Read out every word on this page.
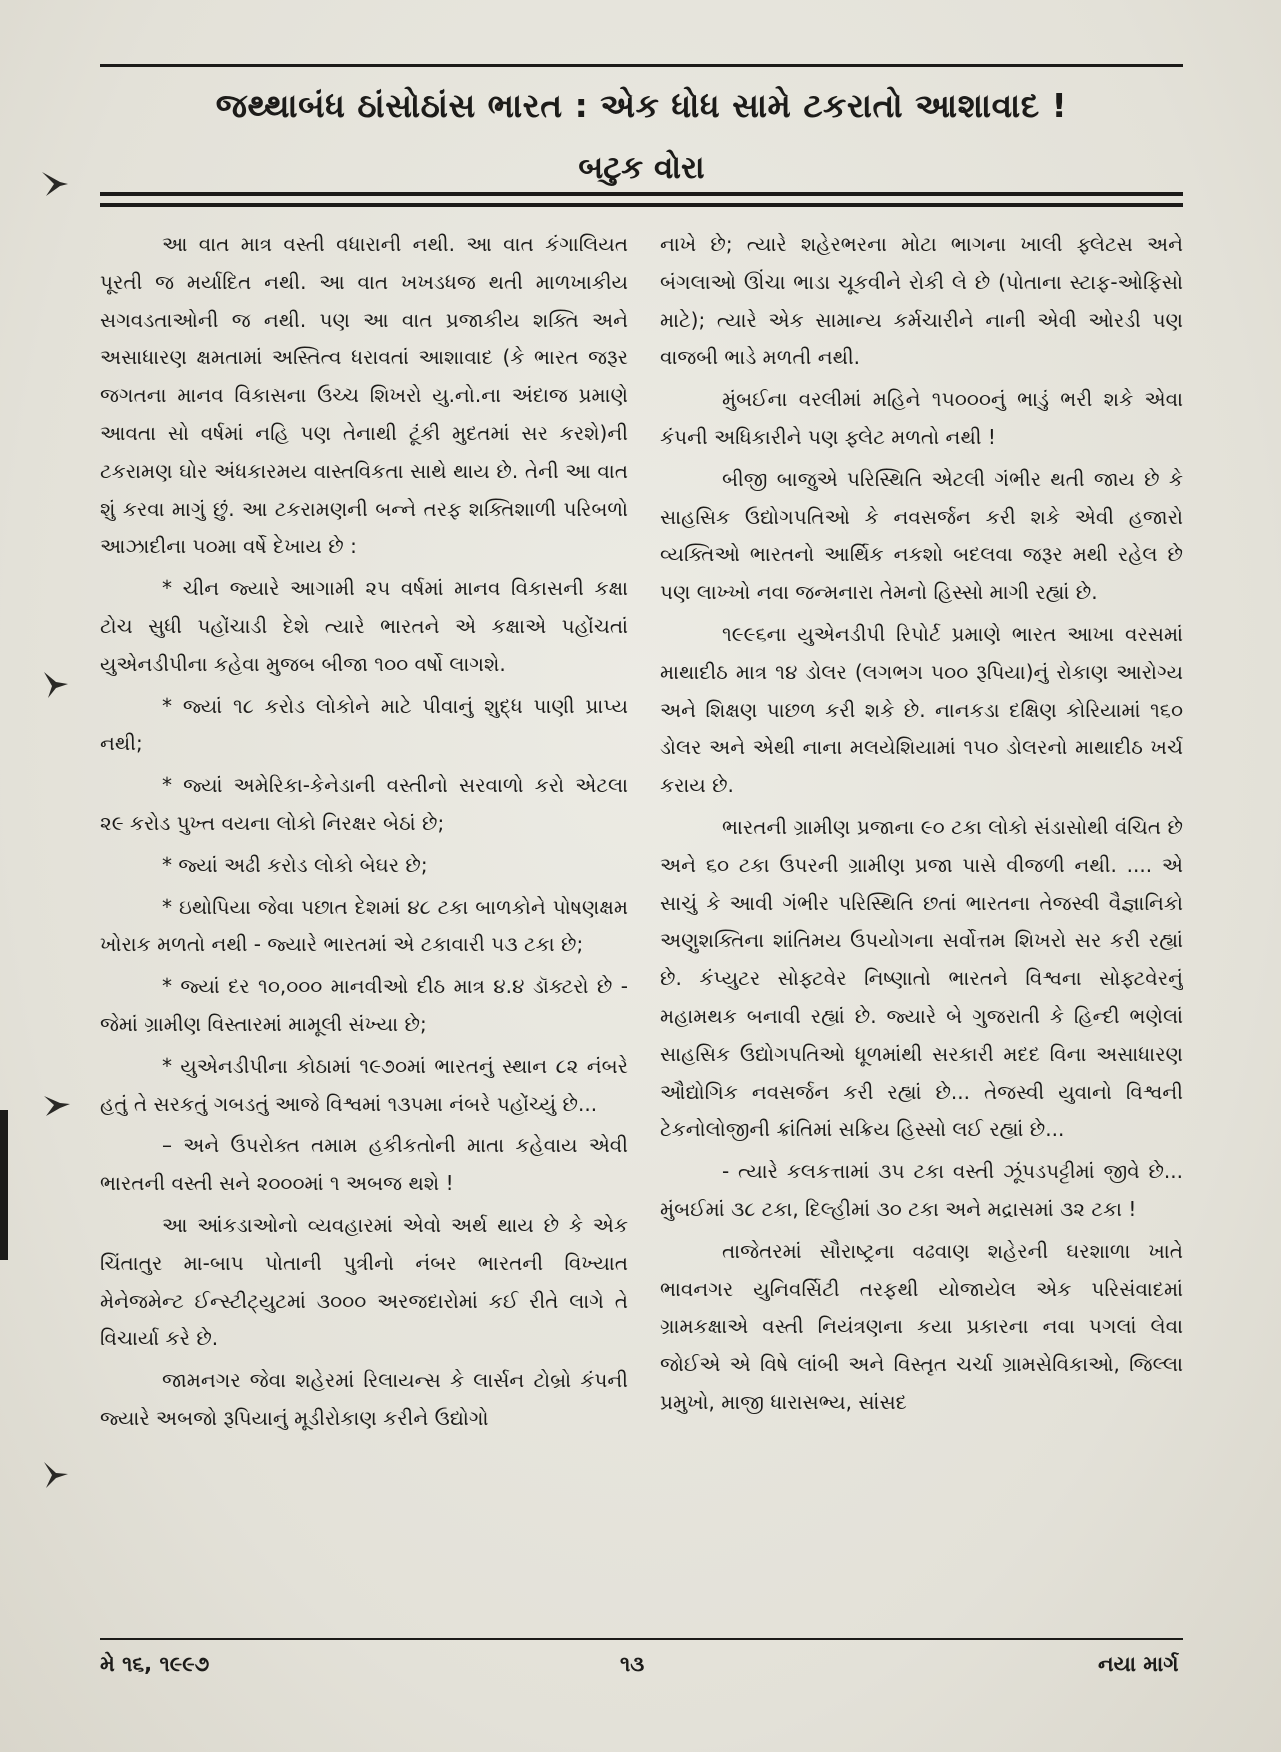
જથ્થાબંધ ઠાંસોઠાંસ ભારત : એક ધોધ સામે ટકરાતો આશાવાદ !
બટુક વોરા

આ વાત માત્ર વસ્તી વધારાની નથી. આ વાત કંગાલિયત પૂરતી જ મર્યાદિત નથી. આ વાત ખખડધજ થતી માળખાકીય સગવડતાઓની જ નથી. પણ આ વાત પ્રજાકીય શક્તિ અને અસાધારણ ક્ષમતામાં અસ્તિત્વ ધરાવતાં આશાવાદ (કે ભારત જરૂર જગતના માનવ વિકાસના ઉચ્ચ શિખરો યુ.નો.ના અંદાજ પ્રમાણે આવતા સો વર્ષમાં નહિ પણ તેનાથી ટૂંકી મુદતમાં સર કરશે)ની ટકરામણ ઘોર અંધકારમય વાસ્તવિકતા સાથે થાય છે. તેની આ વાત શું કરવા માગું છું. આ ટકરામણની બન્ને તરફ શક્તિશાળી પરિબળો આઝાદીના ૫૦મા વર્ષે દેખાય છે :

* ચીન જ્યારે આગામી ૨૫ વર્ષમાં માનવ વિકાસની કક્ષા ટોચ સુધી પહોંચાડી દેશે ત્યારે ભારતને એ કક્ષાએ પહોંચતાં યુએનડીપીના કહેવા મુજબ બીજા ૧૦૦ વર્ષો લાગશે.

* જ્યાં ૧૮ કરોડ લોકોને માટે પીવાનું શુદ્ધ પાણી પ્રાપ્ય નથી;

* જ્યાં અમેરિકા-કેનેડાની વસ્તીનો સરવાળો કરો એટલા ૨૯ કરોડ પુખ્ત વયના લોકો નિરક્ષર બેઠાં છે;

* જ્યાં અઢી કરોડ લોકો બેઘર છે;

* ઇથોપિયા જેવા પછાત દેશમાં ૪૮ ટકા બાળકોને પોષણક્ષમ ખોરાક મળતો નથી - જ્યારે ભારતમાં એ ટકાવારી ૫૩ ટકા છે;

* જ્યાં દર ૧૦,૦૦૦ માનવીઓ દીઠ માત્ર ૪.૪ ડૉક્ટરો છે - જેમાં ગ્રામીણ વિસ્તારમાં મામૂલી સંખ્યા છે;

* યુએનડીપીના કોઠામાં ૧૯૭૦માં ભારતનું સ્થાન ૮૨ નંબરે હતું તે સરકતું ગબડતું આજે વિશ્વમાં ૧૩૫મા નંબરે પહોંચ્યું છે...

– અને ઉપરોક્ત તમામ હકીકતોની માતા કહેવાય એવી ભારતની વસ્તી સને ૨૦૦૦માં ૧ અબજ થશે !

આ આંકડાઓનો વ્યવહારમાં એવો અર્થ થાય છે કે એક ચિંતાતુર મા-બાપ પોતાની પુત્રીનો નંબર ભારતની વિખ્યાત મેનેજમેન્ટ ઈન્સ્ટીટ્યુટમાં ૩૦૦૦ અરજદારોમાં કઈ રીતે લાગે તે વિચાર્યા કરે છે.

જામનગર જેવા શહેરમાં રિલાયન્સ કે લાર્સન ટોબ્રો કંપની જ્યારે અબજો રૂપિયાનું મૂડીરોકાણ કરીને ઉદ્યોગો

નાખે છે; ત્યારે શહેરભરના મોટા ભાગના ખાલી ફ્લેટસ અને બંગલાઓ ઊંચા ભાડા ચૂકવીને રોકી લે છે (પોતાના સ્ટાફ-ઓફિસો માટે); ત્યારે એક સામાન્ય કર્મચારીને નાની એવી ઓરડી પણ વાજબી ભાડે મળતી નથી.

મુંબઈના વરલીમાં મહિને ૧૫૦૦૦નું ભાડું ભરી શકે એવા કંપની અધિકારીને પણ ફ્લેટ મળતો નથી !

બીજી બાજુએ પરિસ્થિતિ એટલી ગંભીર થતી જાય છે કે સાહસિક ઉદ્યોગપતિઓ કે નવસર્જન કરી શકે એવી હજારો વ્યક્તિઓ ભારતનો આર્થિક નકશો બદલવા જરૂર મથી રહેલ છે પણ લાખ્ખો નવા જન્મનારા તેમનો હિસ્સો માગી રહ્યાં છે.

૧૯૯૬ના યુએનડીપી રિપોર્ટ પ્રમાણે ભારત આખા વરસમાં માથાદીઠ માત્ર ૧૪ ડોલર (લગભગ ૫૦૦ રૂપિયા)નું રોકાણ આરોગ્ય અને શિક્ષણ પાછળ કરી શકે છે. નાનકડા દક્ષિણ કોરિયામાં ૧૬૦ ડોલર અને એથી નાના મલયેશિયામાં ૧૫૦ ડોલરનો માથાદીઠ ખર્ચ કરાય છે.

ભારતની ગ્રામીણ પ્રજાના ૯૦ ટકા લોકો સંડાસોથી વંચિત છે અને ૬૦ ટકા ઉપરની ગ્રામીણ પ્રજા પાસે વીજળી નથી. .... એ સાચું કે આવી ગંભીર પરિસ્થિતિ છતાં ભારતના તેજસ્વી વૈજ્ઞાનિકો અણુશક્તિના શાંતિમય ઉપયોગના સર્વોત્તમ શિખરો સર કરી રહ્યાં છે. કંપ્યુટર સોફ્ટવેર નિષ્ણાતો ભારતને વિશ્વના સોફ્ટવેરનું મહામથક બનાવી રહ્યાં છે. જ્યારે બે ગુજરાતી કે હિન્દી ભણેલાં સાહસિક ઉદ્યોગપતિઓ ધૂળમાંથી સરકારી મદદ વિના અસાધારણ ઔદ્યોગિક નવસર્જન કરી રહ્યાં છે... તેજસ્વી યુવાનો વિશ્વની ટેકનોલોજીની ક્રાંતિમાં સક્રિય હિસ્સો લઈ રહ્યાં છે...

- ત્યારે કલકત્તામાં ૩૫ ટકા વસ્તી ઝૂંપડપટ્ટીમાં જીવે છે... મુંબઈમાં ૩૮ ટકા, દિલ્હીમાં ૩૦ ટકા અને મદ્રાસમાં ૩૨ ટકા !

તાજેતરમાં સૌરાષ્ટ્રના વઢવાણ શહેરની ઘરશાળા ખાતે ભાવનગર યુનિવર્સિટી તરફથી યોજાયેલ એક પરિસંવાદમાં ગ્રામકક્ષાએ વસ્તી નિયંત્રણના કયા પ્રકારના નવા પગલાં લેવા જોઈએ એ વિષે લાંબી અને વિસ્તૃત ચર્ચા ગ્રામસેવિકાઓ, જિલ્લા પ્રમુખો, માજી ધારાસભ્ય, સાંસદ

મે ૧૬, ૧૯૯૭	૧૩	નયા માર્ગ
